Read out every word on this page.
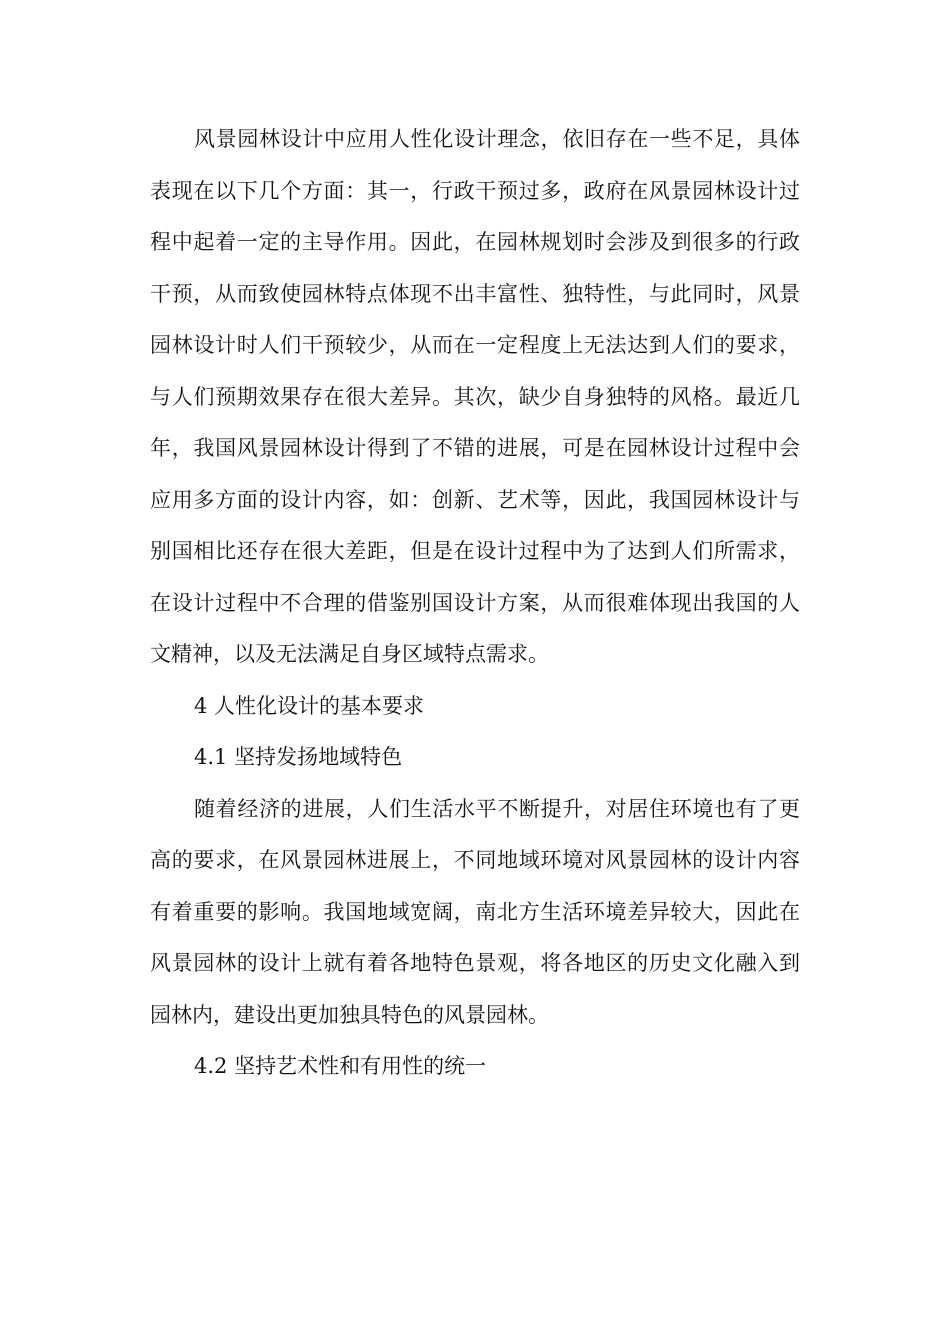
风景园林设计中应用人性化设计理念，依旧存在一些不足，具体表现在以下几个方面：其一，行政干预过多，政府在风景园林设计过程中起着一定的主导作用。因此，在园林规划时会涉及到很多的行政干预，从而致使园林特点体现不出丰富性、独特性，与此同时，风景园林设计时人们干预较少，从而在一定程度上无法达到人们的要求，与人们预期效果存在很大差异。其次，缺少自身独特的风格。最近几年，我国风景园林设计得到了不错的进展，可是在园林设计过程中会应用多方面的设计内容，如：创新、艺术等，因此，我国园林设计与别国相比还存在很大差距，但是在设计过程中为了达到人们所需求，在设计过程中不合理的借鉴别国设计方案，从而很难体现出我国的人文精神，以及无法满足自身区域特点需求。

4 人性化设计的基本要求

4.1 坚持发扬地域特色

随着经济的进展，人们生活水平不断提升，对居住环境也有了更高的要求，在风景园林进展上，不同地域环境对风景园林的设计内容有着重要的影响。我国地域宽阔，南北方生活环境差异较大，因此在风景园林的设计上就有着各地特色景观，将各地区的历史文化融入到园林内，建设出更加独具特色的风景园林。

4.2 坚持艺术性和有用性的统一
